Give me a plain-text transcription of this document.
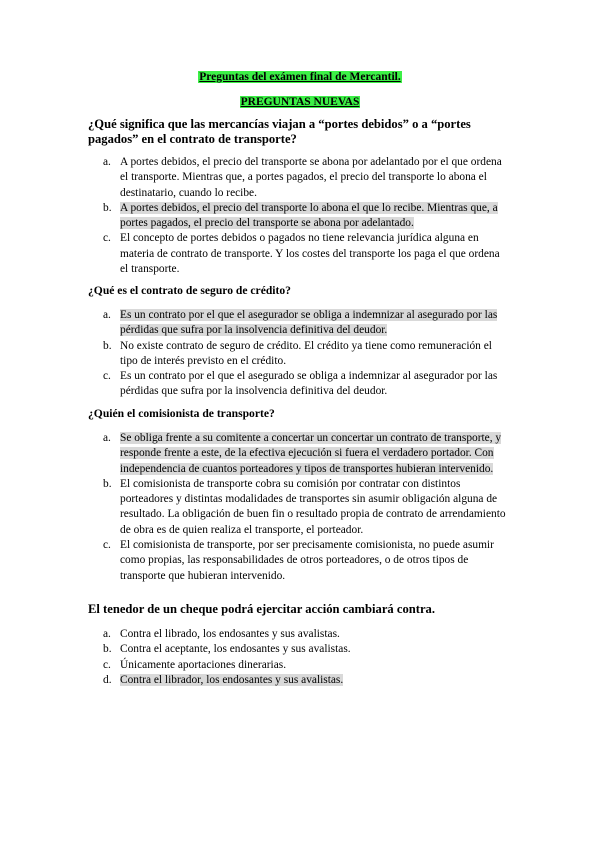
Preguntas del exámen final de Mercantil.
PREGUNTAS NUEVAS
¿Qué significa que las mercancías viajan a “portes debidos” o a “portes pagados” en el contrato de transporte?
a. A portes debidos, el precio del transporte se abona por adelantado por el que ordena el transporte. Mientras que, a portes pagados, el precio del transporte lo abona el destinatario, cuando lo recibe.
b. A portes debidos, el precio del transporte lo abona el que lo recibe. Mientras que, a portes pagados, el precio del transporte se abona por adelantado.
c. El concepto de portes debidos o pagados no tiene relevancia jurídica alguna en materia de contrato de transporte. Y los costes del transporte los paga el que ordena el transporte.
¿Qué es el contrato de seguro de crédito?
a. Es un contrato por el que el asegurador se obliga a indemnizar al asegurado por las pérdidas que sufra por la insolvencia definitiva del deudor.
b. No existe contrato de seguro de crédito. El crédito ya tiene como remuneración el tipo de interés previsto en el crédito.
c. Es un contrato por el que el asegurado se obliga a indemnizar al asegurador por las pérdidas que sufra por la insolvencia definitiva del deudor.
¿Quién el comisionista de transporte?
a. Se obliga frente a su comitente a concertar un concertar un contrato de transporte, y responde frente a este, de la efectiva ejecución si fuera el verdadero portador. Con independencia de cuantos porteadores y tipos de transportes hubieran intervenido.
b. El comisionista de transporte cobra su comisión por contratar con distintos porteadores y distintas modalidades de transportes sin asumir obligación alguna de resultado. La obligación de buen fin o resultado propia de contrato de arrendamiento de obra es de quien realiza el transporte, el porteador.
c. El comisionista de transporte, por ser precisamente comisionista, no puede asumir como propias, las responsabilidades de otros porteadores, o de otros tipos de transporte que hubieran intervenido.
El tenedor de un cheque podrá ejercitar acción cambiará contra.
a. Contra el librado, los endosantes y sus avalistas.
b. Contra el aceptante, los endosantes y sus avalistas.
c. Únicamente aportaciones dinerarias.
d. Contra el librador, los endosantes y sus avalistas.
